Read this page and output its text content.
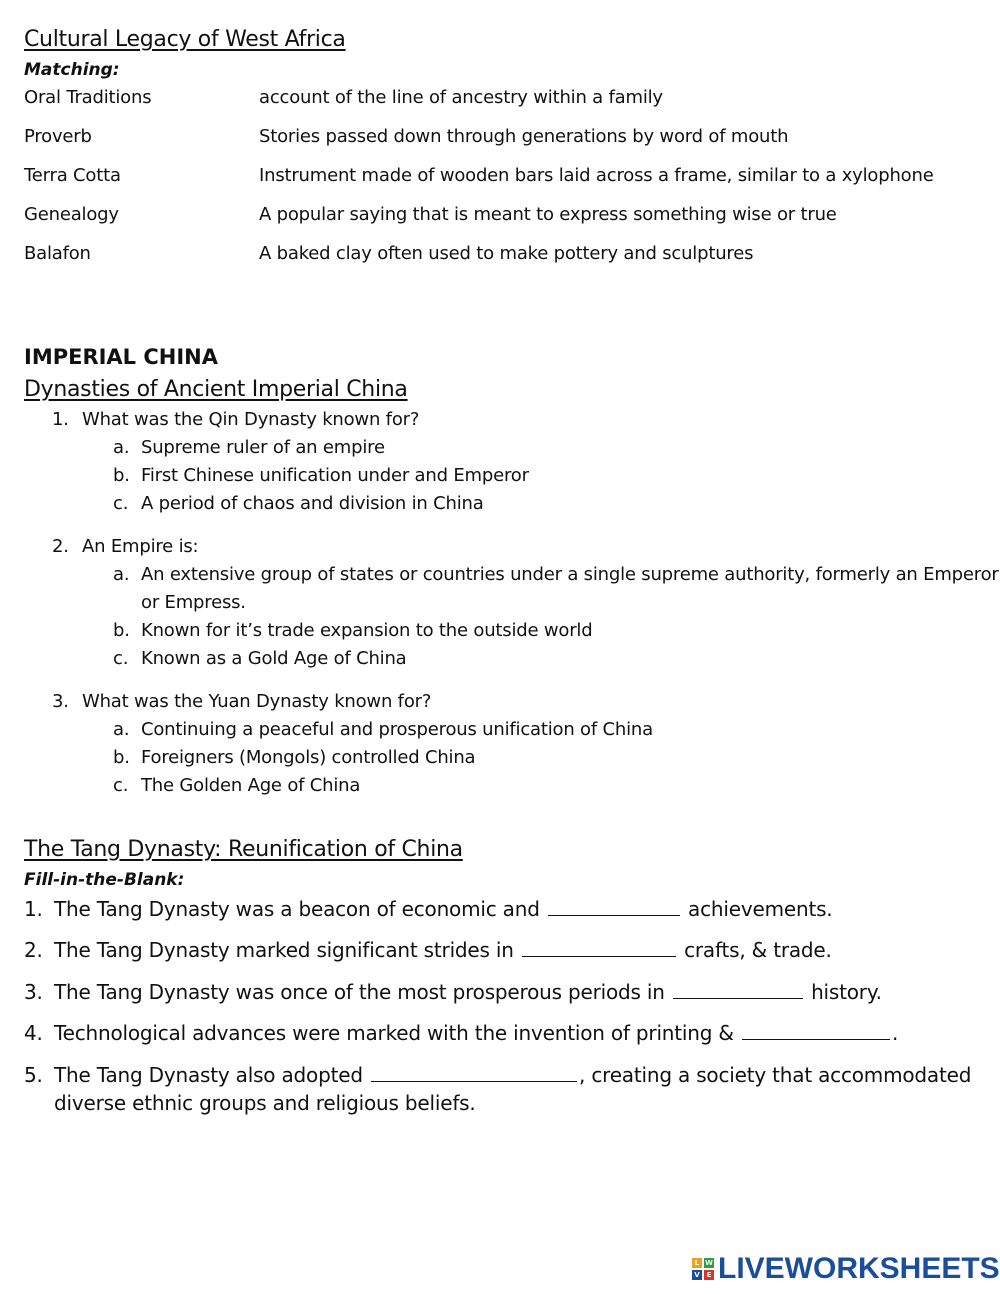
Cultural Legacy of West Africa
Matching:
Oral Traditions	account of the line of ancestry within a family
Proverb	Stories passed down through generations by word of mouth
Terra Cotta	Instrument made of wooden bars laid across a frame, similar to a xylophone
Genealogy	A popular saying that is meant to express something wise or true
Balafon	A baked clay often used to make pottery and sculptures
IMPERIAL CHINA
Dynasties of Ancient Imperial China
1. What was the Qin Dynasty known for?
a. Supreme ruler of an empire
b. First Chinese unification under and Emperor
c. A period of chaos and division in China
2. An Empire is:
a. An extensive group of states or countries under a single supreme authority, formerly an Emperor
or Empress.
b. Known for it’s trade expansion to the outside world
c. Known as a Gold Age of China
3. What was the Yuan Dynasty known for?
a. Continuing a peaceful and prosperous unification of China
b. Foreigners (Mongols) controlled China
c. The Golden Age of China
The Tang Dynasty: Reunification of China
Fill-in-the-Blank:
1. The Tang Dynasty was a beacon of economic and	achievements.
2. The Tang Dynasty marked significant strides in	crafts, & trade.
3. The Tang Dynasty was once of the most prosperous periods in	history.
4. Technological advances were marked with the invention of printing &	.
5. The Tang Dynasty also adopted	, creating a society that accommodated
diverse ethnic groups and religious beliefs.
L W
V E LIVEWORKSHEETS
